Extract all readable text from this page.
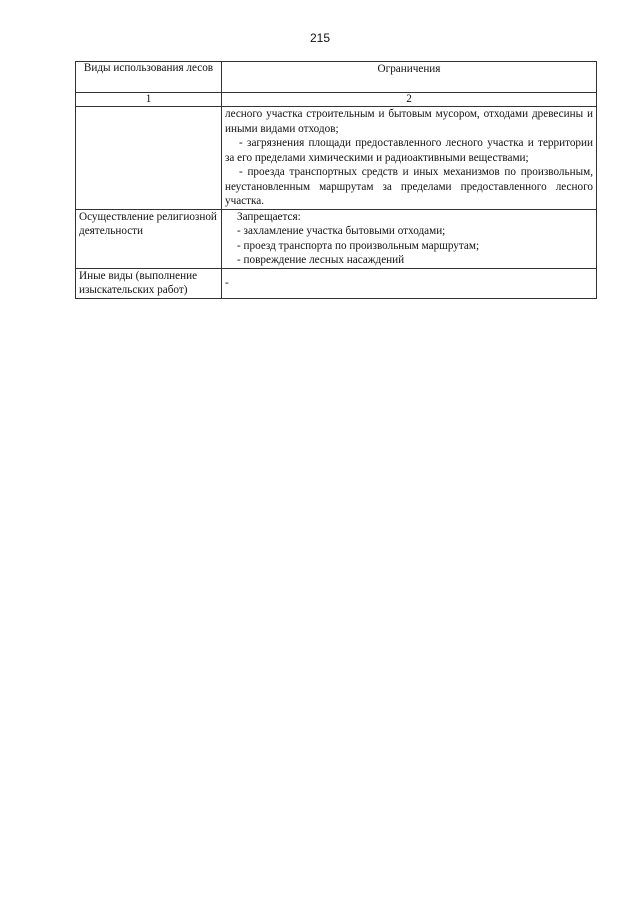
215
Виды использования лесов	Ограничения
1	2

	лесного участка строительным и бытовым мусором, отходами древесины и иными видами отходов;

- загрязнения площади предоставленного лесного участка и территории за его пределами химическими и радиоактивными веществами;

- проезда транспортных средств и иных механизмов по произвольным, неустановленным маршрутам за пределами предоставленного лесного участка.

Осуществление религиозной деятельности	Запрещается:

- захламление участка бытовыми отходами;

- проезд транспорта по произвольным маршрутам;

- повреждение лесных насаждений

Иные виды (выполнение изыскательских работ)	-
